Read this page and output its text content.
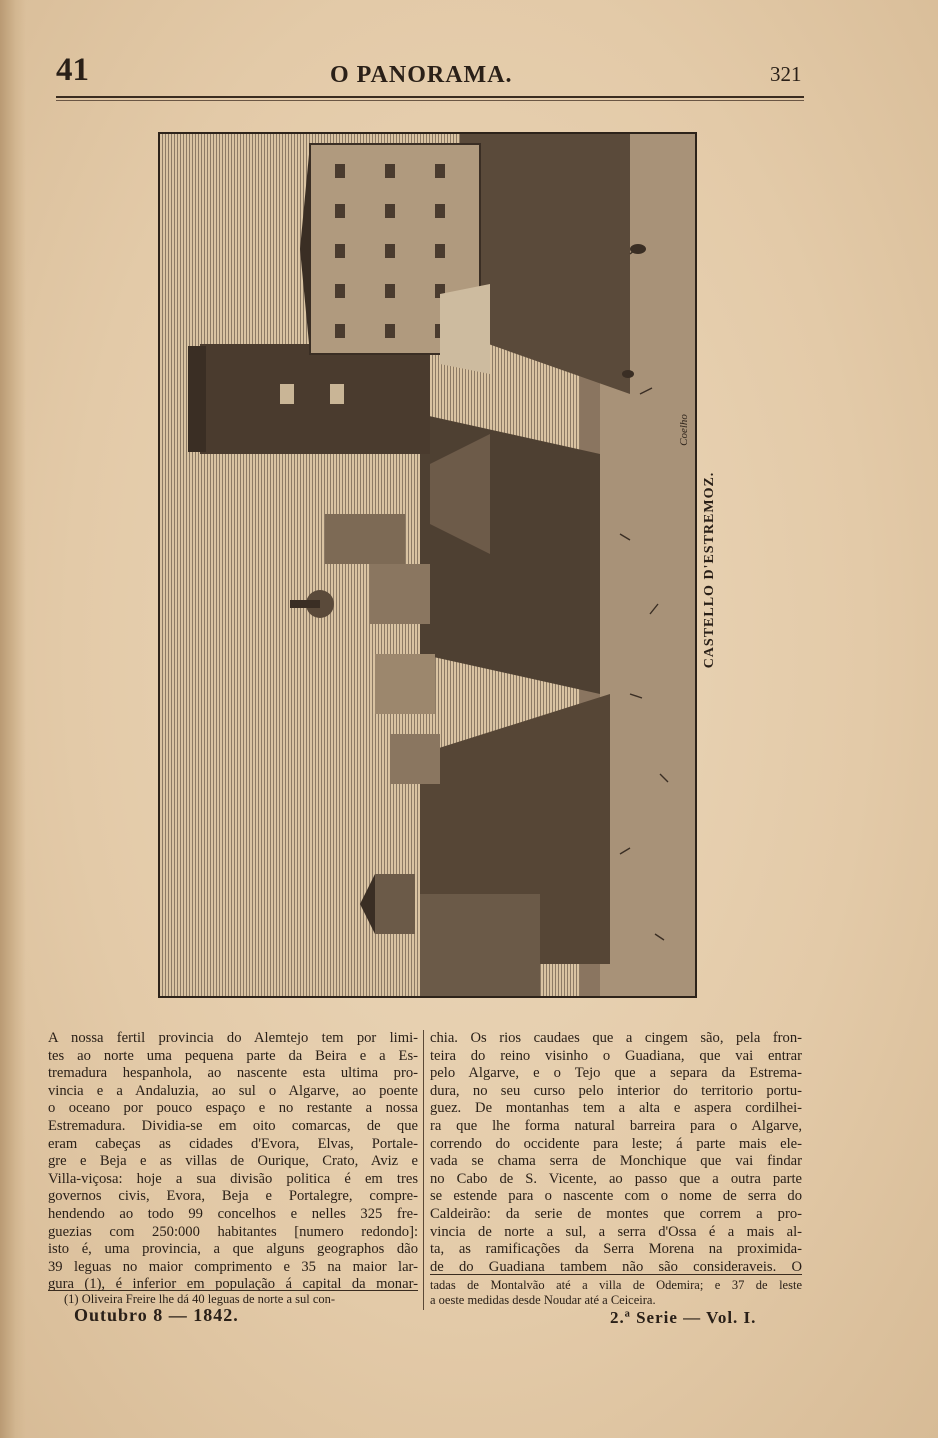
41	O PANORAMA.	321
Coelho
CASTELLO D'ESTREMOZ.
A nossa fertil provincia do Alemtejo tem por limi-
tes ao norte uma pequena parte da Beira e a Es-
tremadura hespanhola, ao nascente esta ultima pro-
vincia e a Andaluzia, ao sul o Algarve, ao poente
o oceano por pouco espaço e no restante a nossa
Estremadura. Dividia-se em oito comarcas, de que
eram cabeças as cidades d'Evora, Elvas, Portale-
gre e Beja e as villas de Ourique, Crato, Aviz e
Villa-viçosa: hoje a sua divisão politica é em tres
governos civis, Evora, Beja e Portalegre, compre-
hendendo ao todo 99 concelhos e nelles 325 fre-
guezias com 250:000 habitantes [numero redondo]:
isto é, uma provincia, a que alguns geographos dão
39 leguas no maior comprimento e 35 na maior lar-
gura (1), é inferior em população á capital da monar-
chia. Os rios caudaes que a cingem são, pela fron-
teira do reino visinho o Guadiana, que vai entrar
pelo Algarve, e o Tejo que a separa da Estrema-
dura, no seu curso pelo interior do territorio portu-
guez. De montanhas tem a alta e aspera cordilhei-
ra que lhe forma natural barreira para o Algarve,
correndo do occidente para leste; á parte mais ele-
vada se chama serra de Monchique que vai findar
no Cabo de S. Vicente, ao passo que a outra parte
se estende para o nascente com o nome de serra do
Caldeirão: da serie de montes que correm a pro-
vincia de norte a sul, a serra d'Ossa é a mais al-
ta, as ramificações da Serra Morena na proximida-
de do Guadiana tambem não são consideraveis. O
(1) Oliveira Freire lhe dá 40 leguas de norte a sul con-
tadas de Montalvão até a villa de Odemira; e 37 de leste
a oeste medidas desde Noudar até a Ceiceira.
Outubro 8 — 1842.	2.ª Serie — Vol. I.
